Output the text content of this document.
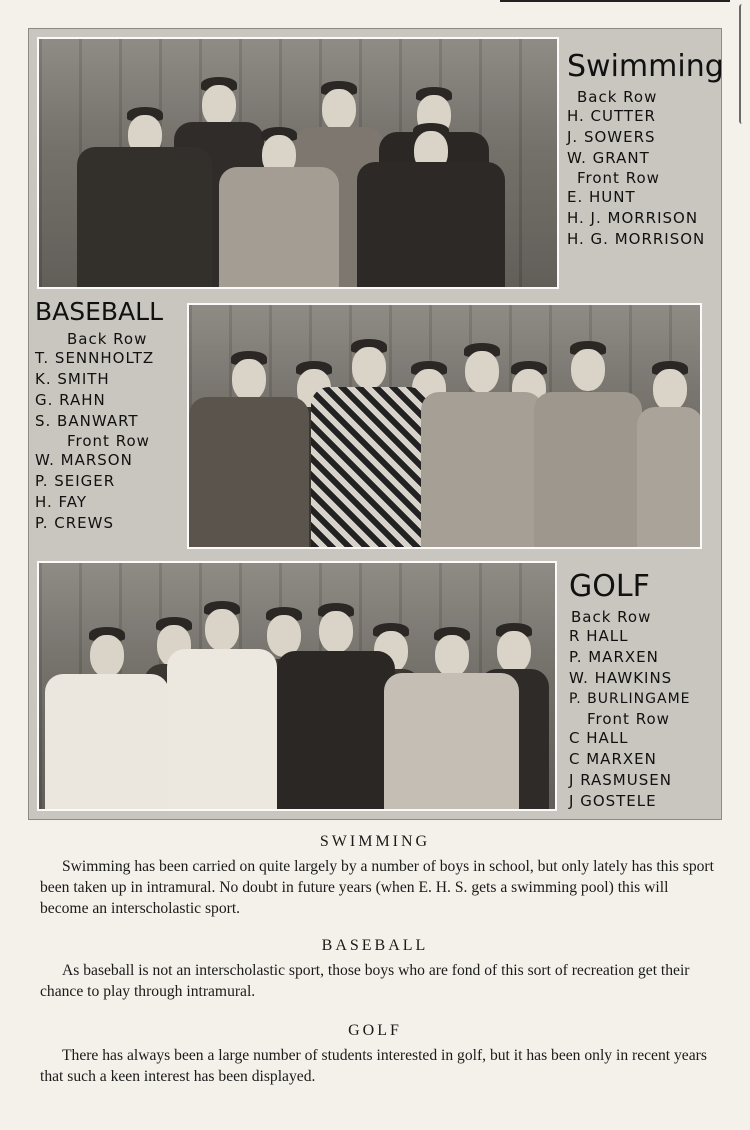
Swimming
Back Row
H. CUTTER
J. SOWERS
W. GRANT
Front Row
E. HUNT
H. J. MORRISON
H. G. MORRISON
BASEBALL
Back Row
T. SENNHOLTZ
K. SMITH
G. RAHN
S. BANWART
Front Row
W. MARSON
P. SEIGER
H. FAY
P. CREWS
GOLF
Back Row
R HALL
P. MARXEN
W. HAWKINS
P. BURLINGAME
Front Row
C HALL
C MARXEN
J RASMUSEN
J GOSTELE
SWIMMING

Swimming has been carried on quite largely by a number of boys in school, but only lately has this sport been taken up in intramural. No doubt in future years (when E. H. S. gets a swimming pool) this will become an interscholastic sport.

BASEBALL

As baseball is not an interscholastic sport, those boys who are fond of this sort of recreation get their chance to play through intramural.

GOLF

There has always been a large number of students interested in golf, but it has been only in recent years that such a keen interest has been displayed.
